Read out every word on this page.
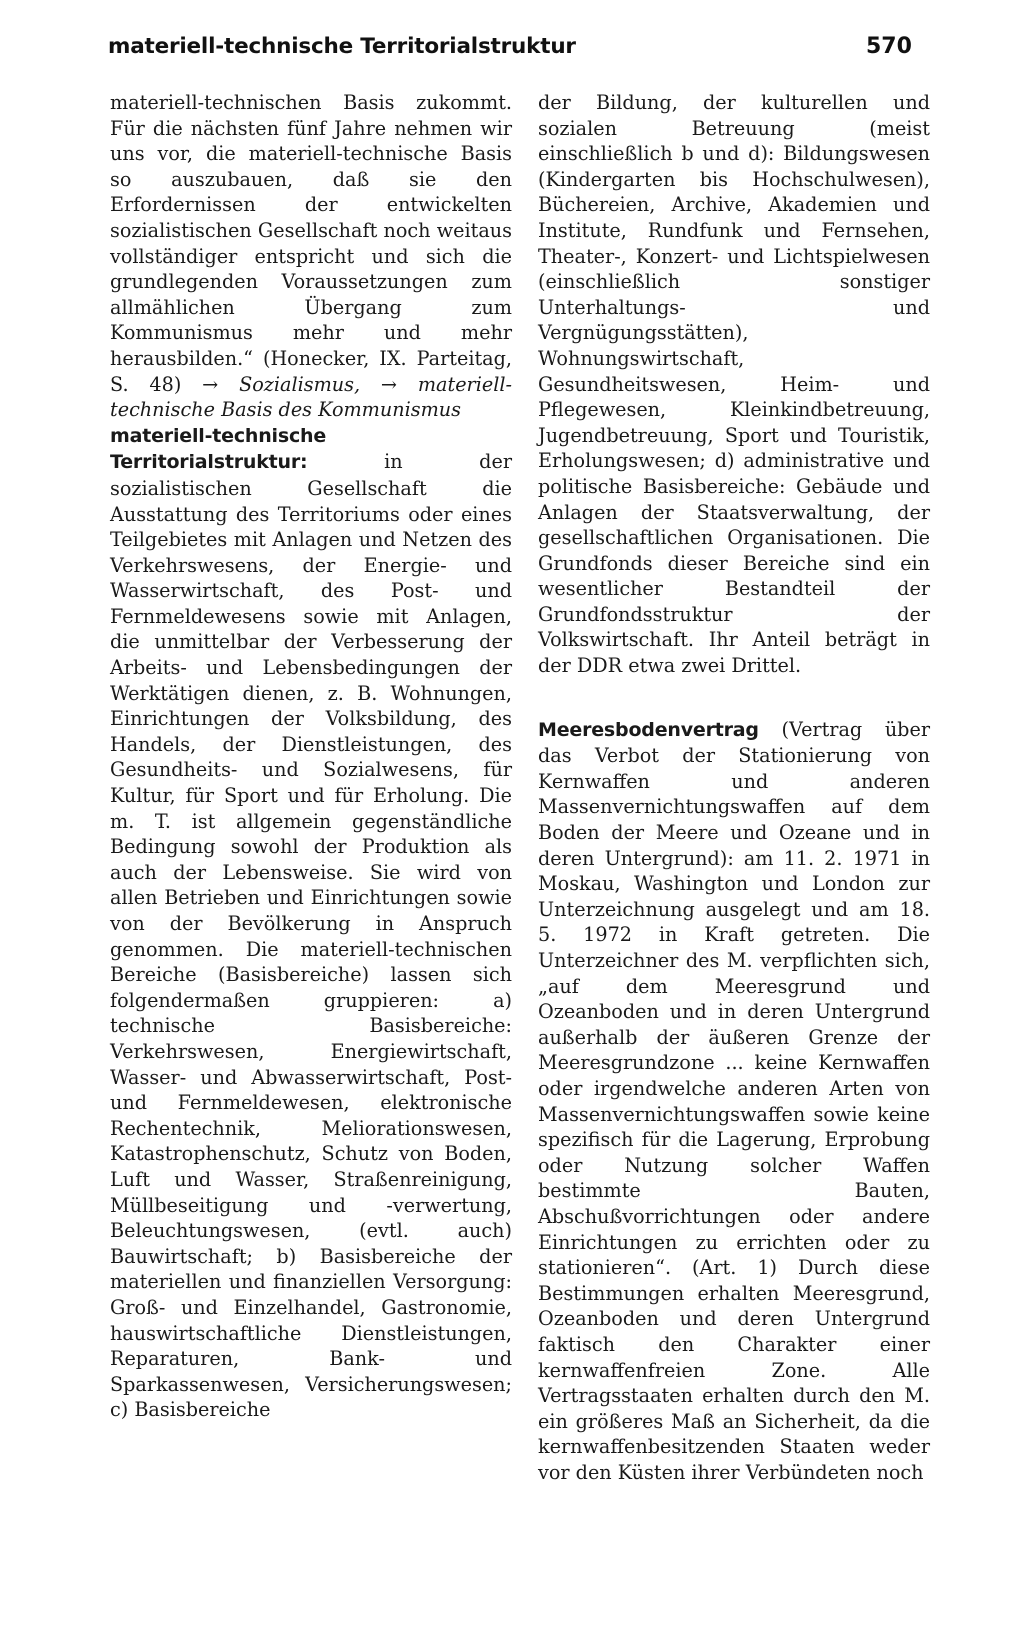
materiell-technische Territorialstruktur	570

materiell-technischen Basis zukommt. Für die nächsten fünf Jahre nehmen wir uns vor, die materiell-technische Basis so auszubauen, daß sie den Erfordernissen der entwickelten sozialistischen Gesellschaft noch weitaus vollständiger entspricht und sich die grundlegenden Voraussetzungen zum allmählichen Übergang zum Kommunismus mehr und mehr herausbilden.“ (Honecker, IX. Parteitag, S. 48) → Sozialismus, → materiell-technische Basis des Kommunismus

materiell-technische Territorialstruktur:	in der sozialistischen Gesellschaft die Ausstattung des Territoriums oder eines Teilgebietes mit Anlagen und Netzen des Verkehrswesens, der Energie- und Wasserwirtschaft, des Post- und Fernmeldewesens sowie mit Anlagen, die unmittelbar der Verbesserung der Arbeits- und Lebensbedingungen der Werktätigen dienen, z. B. Wohnungen, Einrichtungen der Volksbildung, des Handels, der Dienstleistungen, des Gesundheits- und Sozialwesens, für Kultur, für Sport und für Erholung. Die m. T. ist allgemein gegenständliche Bedingung sowohl der Produktion als auch der Lebensweise. Sie wird von allen Betrieben und Einrichtungen sowie von der Bevölkerung in Anspruch genommen. Die materiell-technischen Bereiche (Basisbereiche) lassen sich folgendermaßen gruppieren: a) technische Basisbereiche: Verkehrswesen, Energiewirtschaft, Wasser- und Abwasserwirtschaft, Post- und Fernmeldewesen, elektronische Rechentechnik, Meliorationswesen, Katastrophenschutz, Schutz von Boden, Luft und Wasser, Straßenreinigung, Müllbeseitigung und -verwertung, Beleuchtungswesen, (evtl. auch) Bauwirtschaft; b) Basisbereiche der materiellen und finanziellen Versorgung: Groß- und Einzelhandel, Gastronomie, hauswirtschaftliche Dienstleistungen, Reparaturen, Bank- und Sparkassenwesen, Versicherungswesen; c) Basisbereiche

der Bildung, der kulturellen und sozialen Betreuung (meist einschließlich b und d): Bildungswesen (Kindergarten bis Hochschulwesen), Büchereien, Archive, Akademien und Institute, Rundfunk und Fernsehen, Theater-, Konzert- und Lichtspielwesen (einschließlich sonstiger Unterhaltungs- und Vergnügungsstätten), Wohnungswirtschaft, Gesundheitswesen, Heim- und Pflegewesen, Kleinkindbetreuung, Jugendbetreuung, Sport und Touristik, Erholungswesen; d) administrative und politische Basisbereiche: Gebäude und Anlagen der Staatsverwaltung, der gesellschaftlichen Organisationen. Die Grundfonds dieser Bereiche sind ein wesentlicher Bestandteil der Grundfondsstruktur der Volkswirtschaft. Ihr Anteil beträgt in der DDR etwa zwei Drittel.

Meeresbodenvertrag (Vertrag über das Verbot der Stationierung von Kernwaffen und anderen Massenvernichtungswaffen auf dem Boden der Meere und Ozeane und in deren Untergrund): am 11. 2. 1971 in Moskau, Washington und London zur Unterzeichnung ausgelegt und am 18. 5. 1972 in Kraft getreten. Die Unterzeichner des M. verpflichten sich, „auf dem Meeresgrund und Ozeanboden und in deren Untergrund außerhalb der äußeren Grenze der Meeresgrundzone ... keine Kernwaffen oder irgendwelche anderen Arten von Massenvernichtungswaffen sowie keine spezifisch für die Lagerung, Erprobung oder Nutzung solcher Waffen bestimmte Bauten, Abschußvorrichtungen oder andere Einrichtungen zu errichten oder zu stationieren“. (Art. 1) Durch diese Bestimmungen erhalten Meeresgrund, Ozeanboden und deren Untergrund faktisch den Charakter einer kernwaffenfreien Zone. Alle Vertragsstaaten erhalten durch den M. ein größeres Maß an Sicherheit, da die kernwaffenbesitzenden Staaten weder vor den Küsten ihrer Verbündeten noch
